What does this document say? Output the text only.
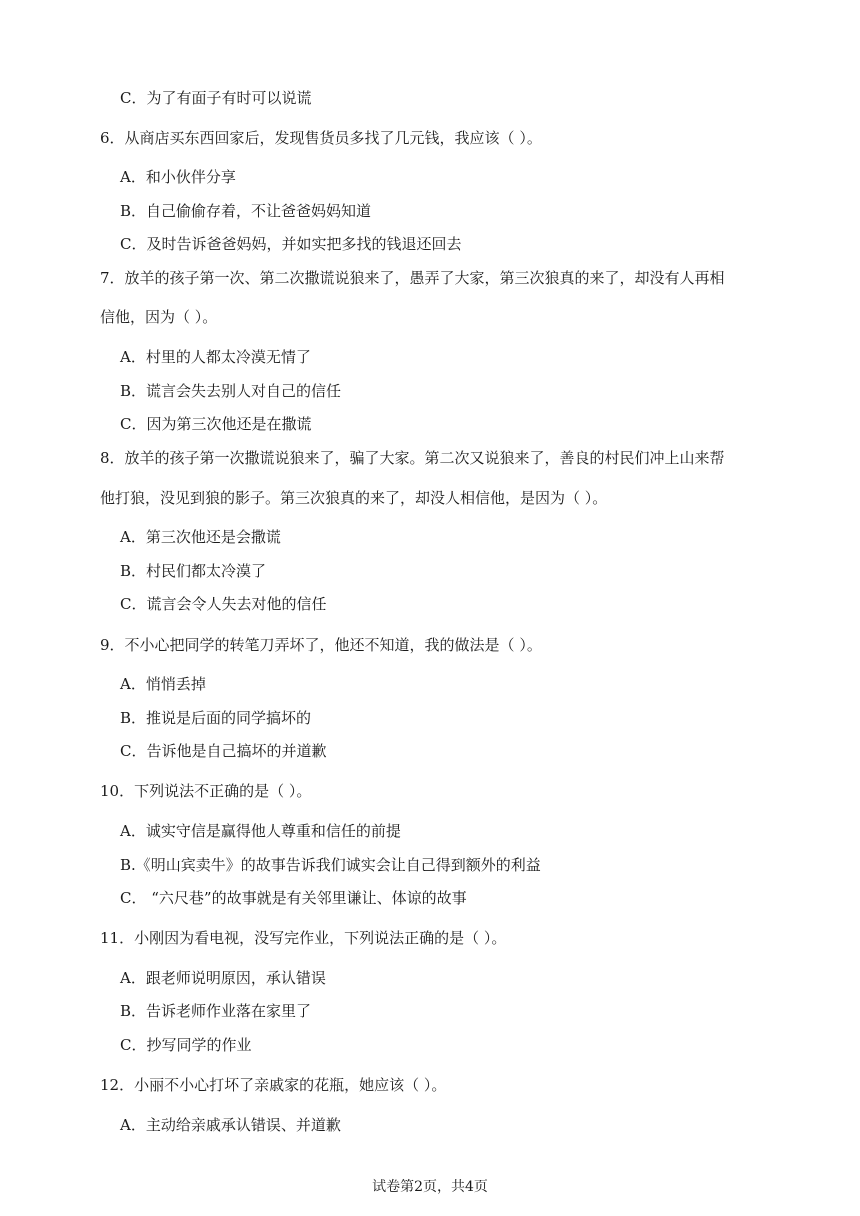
C．为了有面子有时可以说谎
6．从商店买东西回家后，发现售货员多找了几元钱，我应该（ ）。
A．和小伙伴分享
B．自己偷偷存着，不让爸爸妈妈知道
C．及时告诉爸爸妈妈，并如实把多找的钱退还回去
7．放羊的孩子第一次、第二次撒谎说狼来了，愚弄了大家，第三次狼真的来了，却没有人再相
信他，因为（ ）。
A．村里的人都太冷漠无情了
B．谎言会失去别人对自己的信任
C．因为第三次他还是在撒谎
8．放羊的孩子第一次撒谎说狼来了，骗了大家。第二次又说狼来了，善良的村民们冲上山来帮
他打狼，没见到狼的影子。第三次狼真的来了，却没人相信他，是因为（ ）。
A．第三次他还是会撒谎
B．村民们都太冷漠了
C．谎言会令人失去对他的信任
9．不小心把同学的转笔刀弄坏了，他还不知道，我的做法是（ ）。
A．悄悄丢掉
B．推说是后面的同学搞坏的
C．告诉他是自己搞坏的并道歉
10．下列说法不正确的是（ ）。
A．诚实守信是赢得他人尊重和信任的前提
B.《明山宾卖牛》的故事告诉我们诚实会让自己得到额外的利益
C． “六尺巷”的故事就是有关邻里谦让、体谅的故事
11．小刚因为看电视，没写完作业，下列说法正确的是（ ）。
A．跟老师说明原因，承认错误
B．告诉老师作业落在家里了
C．抄写同学的作业
12．小丽不小心打坏了亲戚家的花瓶，她应该（ ）。
A．主动给亲戚承认错误、并道歉
试卷第2页，共4页
